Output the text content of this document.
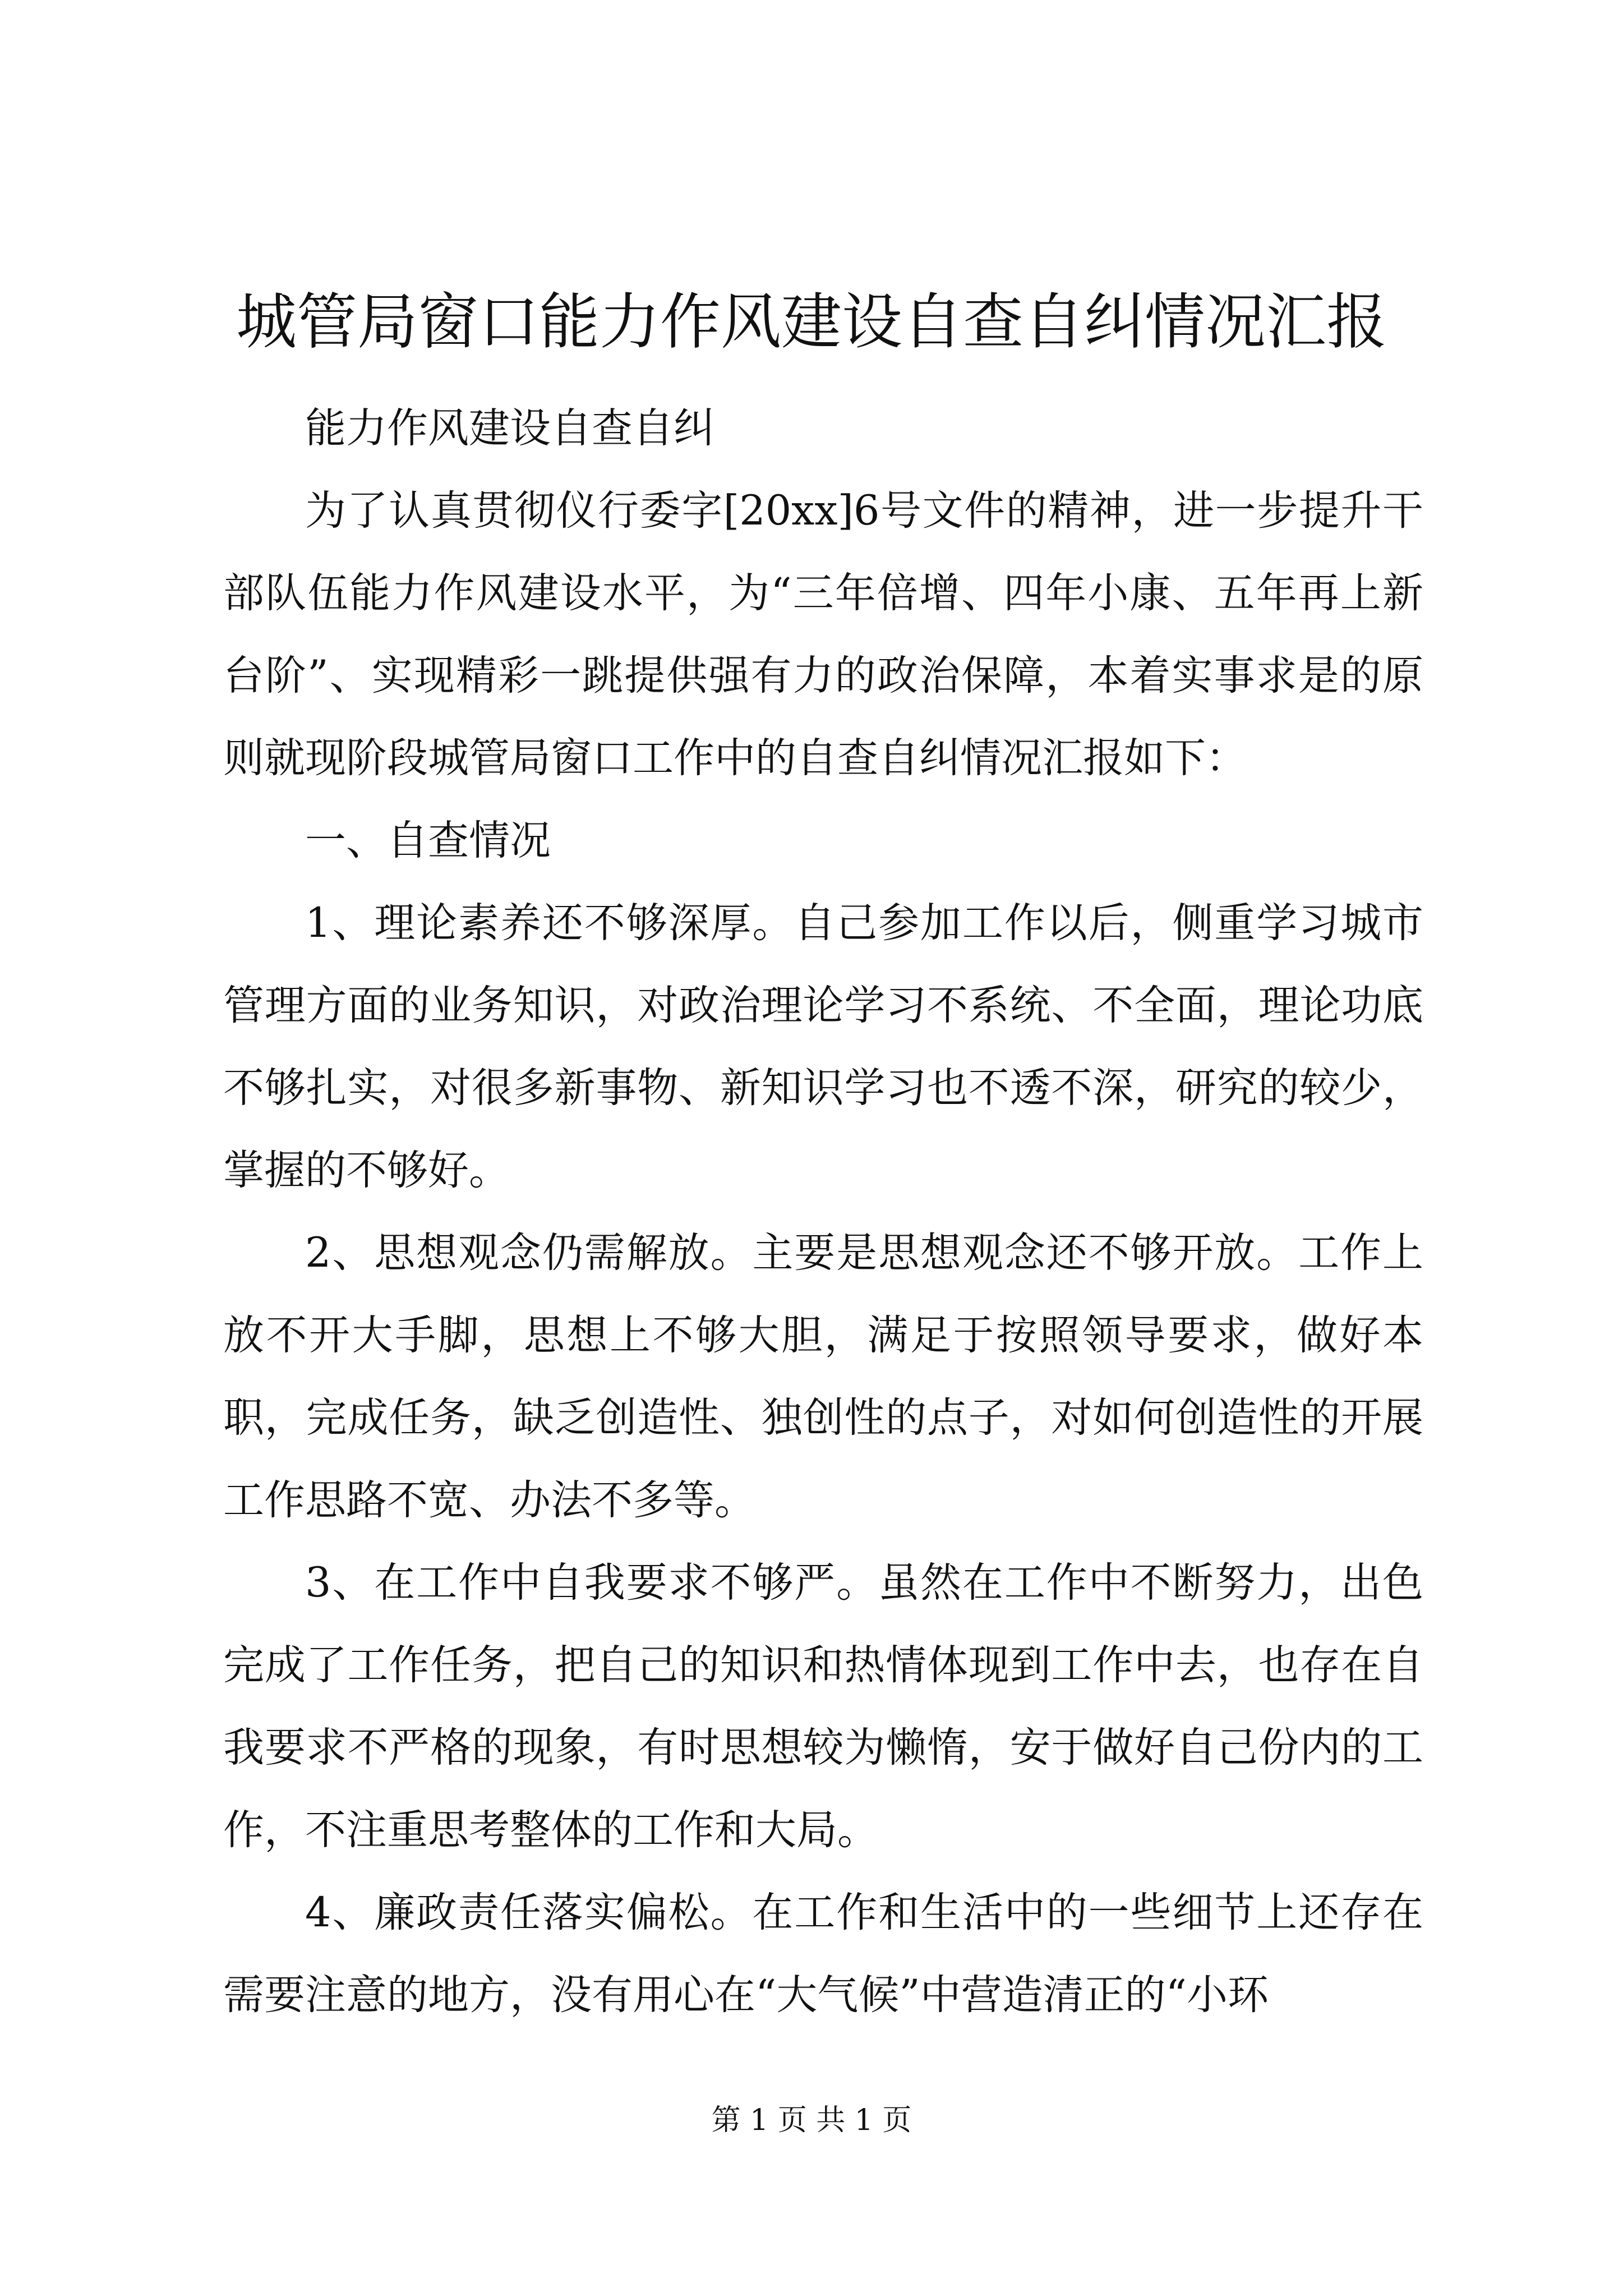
城管局窗口能力作风建设自查自纠情况汇报

能力作风建设自查自纠

为了认真贯彻仪行委字[20xx]6号文件的精神，进一步提升干部队伍能力作风建设水平，为“三年倍增、四年小康、五年再上新台阶”、实现精彩一跳提供强有力的政治保障，本着实事求是的原则就现阶段城管局窗口工作中的自查自纠情况汇报如下：

一、自查情况

1、理论素养还不够深厚。自己参加工作以后，侧重学习城市管理方面的业务知识，对政治理论学习不系统、不全面，理论功底不够扎实，对很多新事物、新知识学习也不透不深，研究的较少，掌握的不够好。

2、思想观念仍需解放。主要是思想观念还不够开放。工作上放不开大手脚，思想上不够大胆，满足于按照领导要求，做好本职，完成任务，缺乏创造性、独创性的点子，对如何创造性的开展工作思路不宽、办法不多等。

3、在工作中自我要求不够严。虽然在工作中不断努力，出色完成了工作任务，把自己的知识和热情体现到工作中去，也存在自我要求不严格的现象，有时思想较为懒惰，安于做好自己份内的工作，不注重思考整体的工作和大局。

4、廉政责任落实偏松。在工作和生活中的一些细节上还存在需要注意的地方，没有用心在“大气候”中营造清正的“小环

第 1 页 共 1 页
